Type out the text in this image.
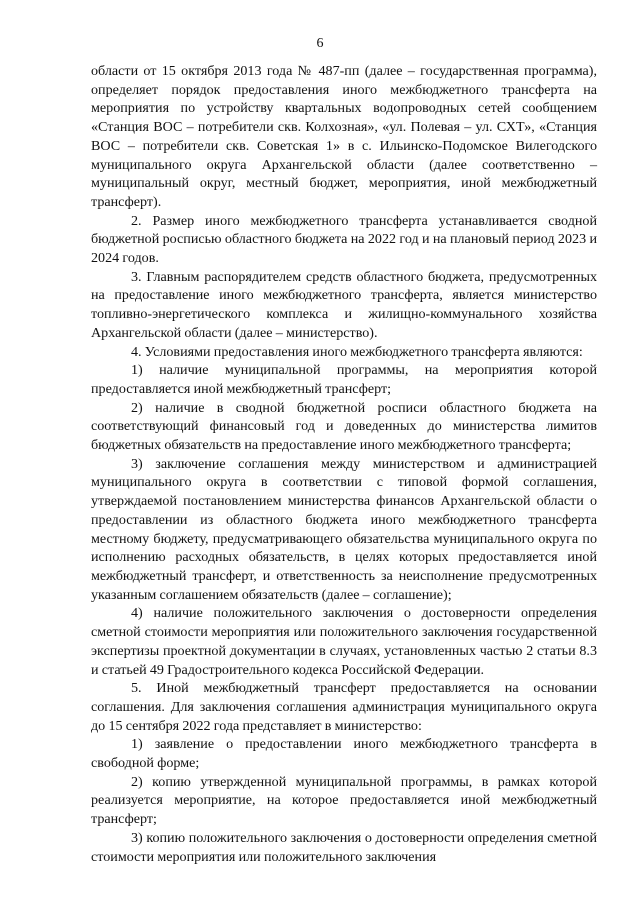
6

области от 15 октября 2013 года № 487-пп (далее – государственная программа), определяет порядок предоставления иного межбюджетного трансферта на мероприятия по устройству квартальных водопроводных сетей сообщением «Станция ВОС – потребители скв. Колхозная», «ул. Полевая – ул. СХТ», «Станция ВОС – потребители скв. Советская 1» в с. Ильинско-Подомское Вилегодского муниципального округа Архангельской области (далее соответственно – муниципальный округ, местный бюджет, мероприятия, иной межбюджетный трансферт).

2. Размер иного межбюджетного трансферта устанавливается сводной бюджетной росписью областного бюджета на 2022 год и на плановый период 2023 и 2024 годов.

3. Главным распорядителем средств областного бюджета, предусмотренных на предоставление иного межбюджетного трансферта, является министерство топливно-энергетического комплекса и жилищно-коммунального хозяйства Архангельской области (далее – министерство).

4. Условиями предоставления иного межбюджетного трансферта являются:

1) наличие муниципальной программы, на мероприятия которой предоставляется иной межбюджетный трансферт;

2) наличие в сводной бюджетной росписи областного бюджета на соответствующий финансовый год и доведенных до министерства лимитов бюджетных обязательств на предоставление иного межбюджетного трансферта;

3) заключение соглашения между министерством и администрацией муниципального округа в соответствии с типовой формой соглашения, утверждаемой постановлением министерства финансов Архангельской области о предоставлении из областного бюджета иного межбюджетного трансферта местному бюджету, предусматривающего обязательства муниципального округа по исполнению расходных обязательств, в целях которых предоставляется иной межбюджетный трансферт, и ответственность за неисполнение предусмотренных указанным соглашением обязательств (далее – соглашение);

4) наличие положительного заключения о достоверности определения сметной стоимости мероприятия или положительного заключения государственной экспертизы проектной документации в случаях, установленных частью 2 статьи 8.3 и статьей 49 Градостроительного кодекса Российской Федерации.

5. Иной межбюджетный трансферт предоставляется на основании соглашения. Для заключения соглашения администрация муниципального округа до 15 сентября 2022 года представляет в министерство:

1) заявление о предоставлении иного межбюджетного трансферта в свободной форме;

2) копию утвержденной муниципальной программы, в рамках которой реализуется мероприятие, на которое предоставляется иной межбюджетный трансферт;

3) копию положительного заключения о достоверности определения сметной стоимости мероприятия или положительного заключения
